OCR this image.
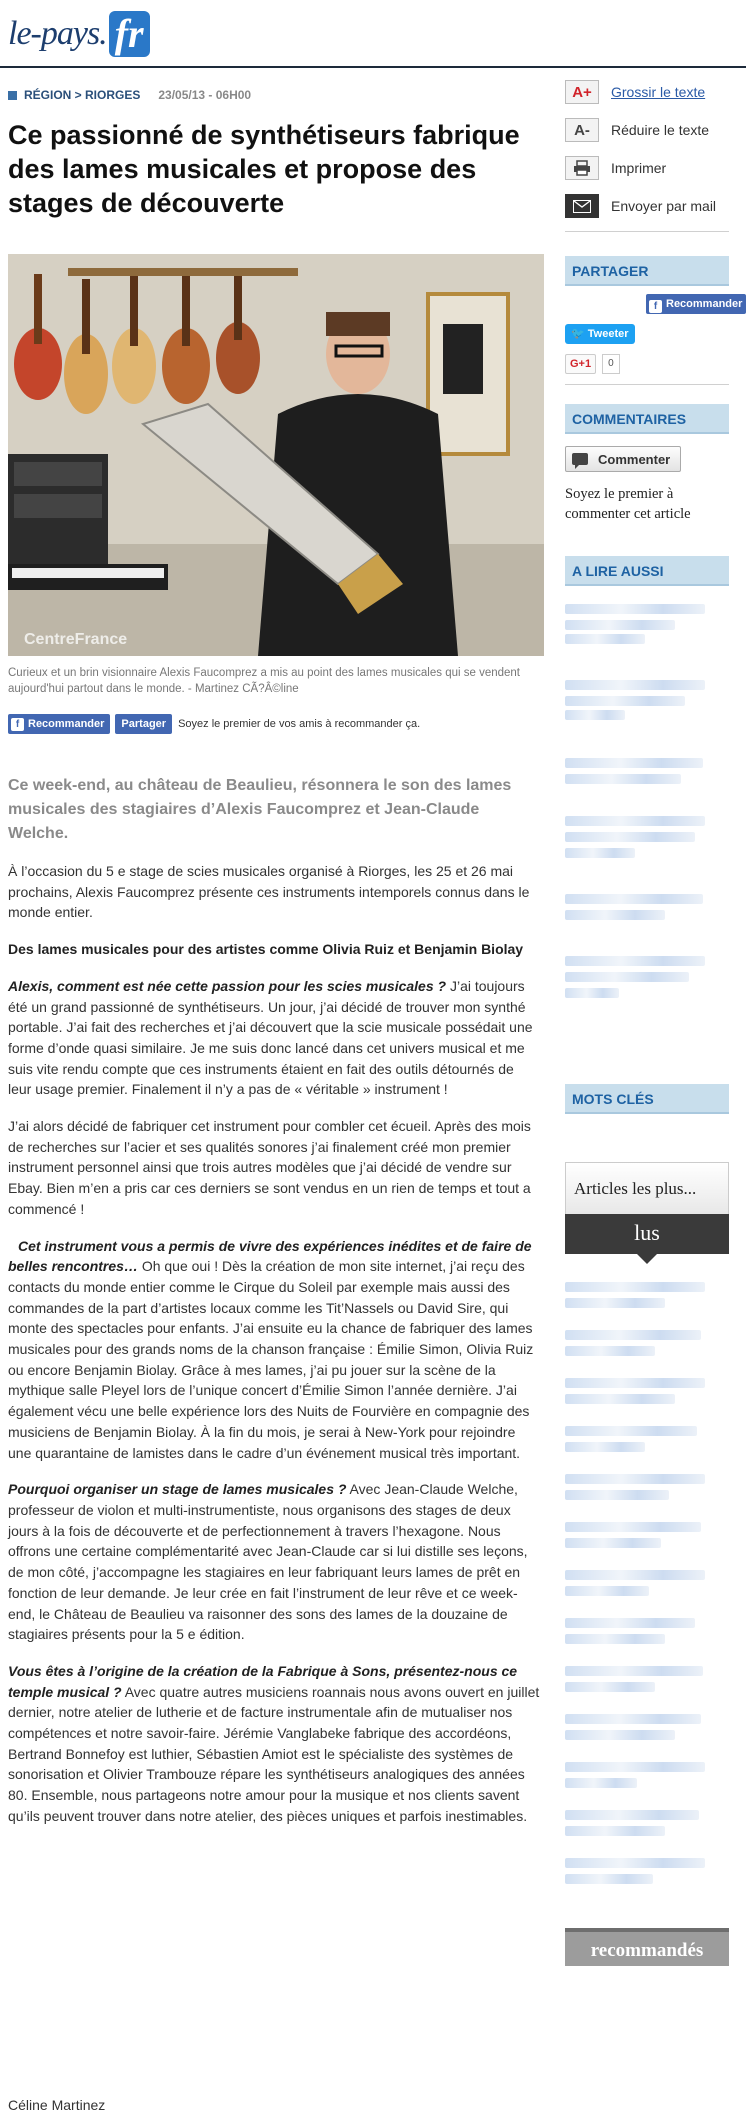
le-pays. fr
RÉGION > RIORGES 23/05/13 - 06H00
Ce passionné de synthétiseurs fabrique des lames musicales et propose des stages de découverte
CentreFrance

Curieux et un brin visionnaire Alexis Faucomprez a mis au point des lames musicales qui se vendent aujourd'hui partout dans le monde. - Martinez CÃ?Â©line

f Recommander	Partager	Soyez le premier de vos amis à recommander ça.

Ce week-end, au château de Beaulieu, résonnera le son des lames musicales des stagiaires d’Alexis Faucomprez et Jean-Claude Welche.

À l’occasion du 5 e stage de scies musicales organisé à Riorges, les 25 et 26 mai prochains, Alexis Faucomprez présente ces instruments intemporels connus dans le monde entier.

Des lames musicales pour des artistes comme Olivia Ruiz et Benjamin Biolay

Alexis, comment est née cette passion pour les scies musicales ? J’ai toujours été un grand passionné de synthétiseurs. Un jour, j’ai décidé de trouver mon synthé portable. J’ai fait des recherches et j’ai découvert que la scie musicale possédait une forme d’onde quasi similaire. Je me suis donc lancé dans cet univers musical et me suis vite rendu compte que ces instruments étaient en fait des outils détournés de leur usage premier. Finalement il n’y a pas de « véritable » instrument !

J’ai alors décidé de fabriquer cet instrument pour combler cet écueil. Après des mois de recherches sur l’acier et ses qualités sonores j’ai finalement créé mon premier instrument personnel ainsi que trois autres modèles que j’ai décidé de vendre sur Ebay. Bien m’en a pris car ces derniers se sont vendus en un rien de temps et tout a commencé !

Cet instrument vous a permis de vivre des expériences inédites et de faire de belles rencontres… Oh que oui ! Dès la création de mon site internet, j’ai reçu des contacts du monde entier comme le Cirque du Soleil par exemple mais aussi des commandes de la part d’artistes locaux comme les Tit’Nassels ou David Sire, qui monte des spectacles pour enfants. J’ai ensuite eu la chance de fabriquer des lames musicales pour des grands noms de la chanson française : Émilie Simon, Olivia Ruiz ou encore Benjamin Biolay. Grâce à mes lames, j’ai pu jouer sur la scène de la mythique salle Pleyel lors de l’unique concert d’Émilie Simon l’année dernière. J’ai également vécu une belle expérience lors des Nuits de Fourvière en compagnie des musiciens de Benjamin Biolay. À la fin du mois, je serai à New-York pour rejoindre une quarantaine de lamistes dans le cadre d’un événement musical très important.

Pourquoi organiser un stage de lames musicales ? Avec Jean-Claude Welche, professeur de violon et multi-instrumentiste, nous organisons des stages de deux jours à la fois de découverte et de perfectionnement à travers l’hexagone. Nous offrons une certaine complémentarité avec Jean-Claude car si lui distille ses leçons, de mon côté, j’accompagne les stagiaires en leur fabriquant leurs lames de prêt en fonction de leur demande. Je leur crée en fait l’instrument de leur rêve et ce week-end, le Château de Beaulieu va raisonner des sons des lames de la douzaine de stagiaires présents pour la 5 e édition.

Vous êtes à l’origine de la création de la Fabrique à Sons, présentez-nous ce temple musical ? Avec quatre autres musiciens roannais nous avons ouvert en juillet dernier, notre atelier de lutherie et de facture instrumentale afin de mutualiser nos compétences et notre savoir-faire. Jérémie Vanglabeke fabrique des accordéons, Bertrand Bonnefoy est luthier, Sébastien Amiot est le spécialiste des systèmes de sonorisation et Olivier Trambouze répare les synthétiseurs analogiques des années 80. Ensemble, nous partageons notre amour pour la musique et nos clients savent qu’ils peuvent trouver dans notre atelier, des pièces uniques et parfois inestimables.

Céline Martinez

A+	Grossir le texte
A-	Réduire le texte
Imprimer
Envoyer par mail
PARTAGER
f Recommander
🐦 Tweeter
G+1	0
COMMENTAIRES
Commenter

Soyez le premier à commenter cet article

A LIRE AUSSI
MOTS CLÉS
Articles les plus...
lus
recommandés
